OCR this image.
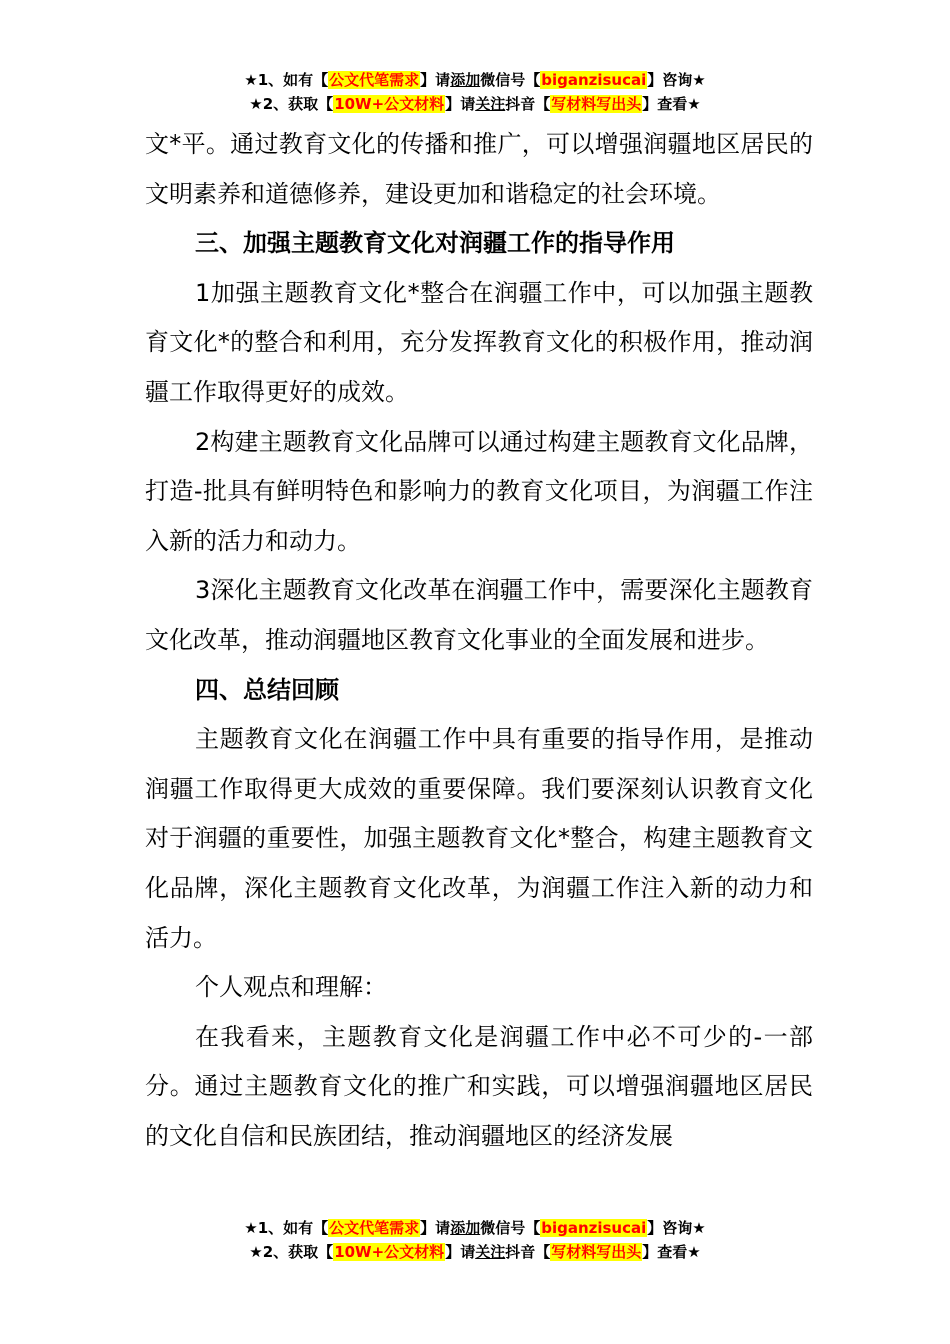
★1、如有【公文代笔需求】请添加微信号【biganzisucai】咨询★
★2、获取【10W+公文材料】请关注抖音【写材料写出头】查看★

文*平。通过教育文化的传播和推广，可以增强润疆地区居民的文明素养和道德修养，建设更加和谐稳定的社会环境。

三、加强主题教育文化对润疆工作的指导作用

1加强主题教育文化*整合在润疆工作中，可以加强主题教育文化*的整合和利用，充分发挥教育文化的积极作用，推动润疆工作取得更好的成效。

2构建主题教育文化品牌可以通过构建主题教育文化品牌，打造-批具有鲜明特色和影响力的教育文化项目，为润疆工作注入新的活力和动力。

3深化主题教育文化改革在润疆工作中，需要深化主题教育文化改革，推动润疆地区教育文化事业的全面发展和进步。

四、总结回顾

主题教育文化在润疆工作中具有重要的指导作用，是推动润疆工作取得更大成效的重要保障。我们要深刻认识教育文化对于润疆的重要性，加强主题教育文化*整合，构建主题教育文化品牌，深化主题教育文化改革，为润疆工作注入新的动力和活力。

个人观点和理解：

在我看来，主题教育文化是润疆工作中必不可少的-一部分。通过主题教育文化的推广和实践，可以增强润疆地区居民的文化自信和民族团结，推动润疆地区的经济发展

★1、如有【公文代笔需求】请添加微信号【biganzisucai】咨询★
★2、获取【10W+公文材料】请关注抖音【写材料写出头】查看★
